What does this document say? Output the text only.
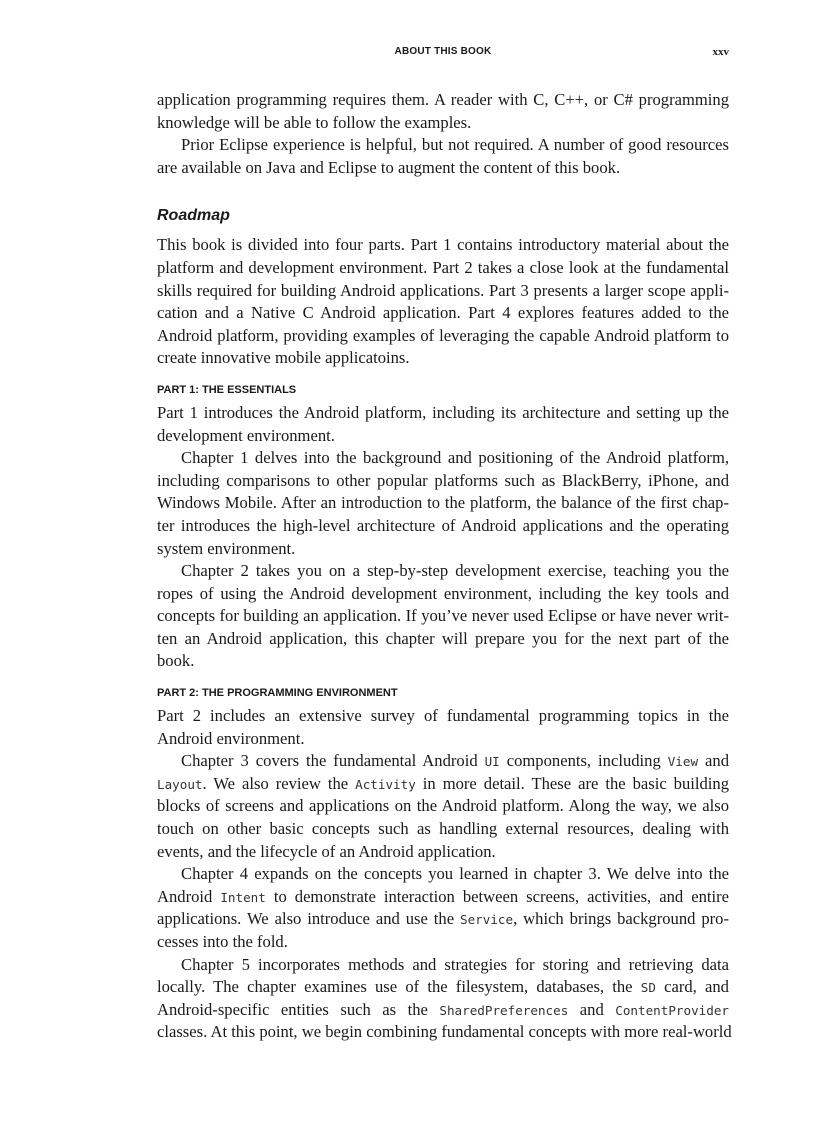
ABOUT THIS BOOK	xxv
application programming requires them. A reader with C, C++, or C# programming
knowledge will be able to follow the examples.
Prior Eclipse experience is helpful, but not required. A number of good resources
are available on Java and Eclipse to augment the content of this book.
Roadmap
This book is divided into four parts. Part 1 contains introductory material about the
platform and development environment. Part 2 takes a close look at the fundamental
skills required for building Android applications. Part 3 presents a larger scope appli-
cation and a Native C Android application. Part 4 explores features added to the
Android platform, providing examples of leveraging the capable Android platform to
create innovative mobile applicatoins.
PART 1: THE ESSENTIALS
Part 1 introduces the Android platform, including its architecture and setting up the
development environment.
Chapter 1 delves into the background and positioning of the Android platform,
including comparisons to other popular platforms such as BlackBerry, iPhone, and
Windows Mobile. After an introduction to the platform, the balance of the first chap-
ter introduces the high-level architecture of Android applications and the operating
system environment.
Chapter 2 takes you on a step-by-step development exercise, teaching you the
ropes of using the Android development environment, including the key tools and
concepts for building an application. If you’ve never used Eclipse or have never writ-
ten an Android application, this chapter will prepare you for the next part of the
book.
PART 2: THE PROGRAMMING ENVIRONMENT
Part 2 includes an extensive survey of fundamental programming topics in the
Android environment.
Chapter 3 covers the fundamental Android UI components, including View and
Layout. We also review the Activity in more detail. These are the basic building
blocks of screens and applications on the Android platform. Along the way, we also
touch on other basic concepts such as handling external resources, dealing with
events, and the lifecycle of an Android application.
Chapter 4 expands on the concepts you learned in chapter 3. We delve into the
Android Intent to demonstrate interaction between screens, activities, and entire
applications. We also introduce and use the Service, which brings background pro-
cesses into the fold.
Chapter 5 incorporates methods and strategies for storing and retrieving data
locally. The chapter examines use of the filesystem, databases, the SD card, and
Android-specific entities such as the SharedPreferences and ContentProvider
classes. At this point, we begin combining fundamental concepts with more real-world
